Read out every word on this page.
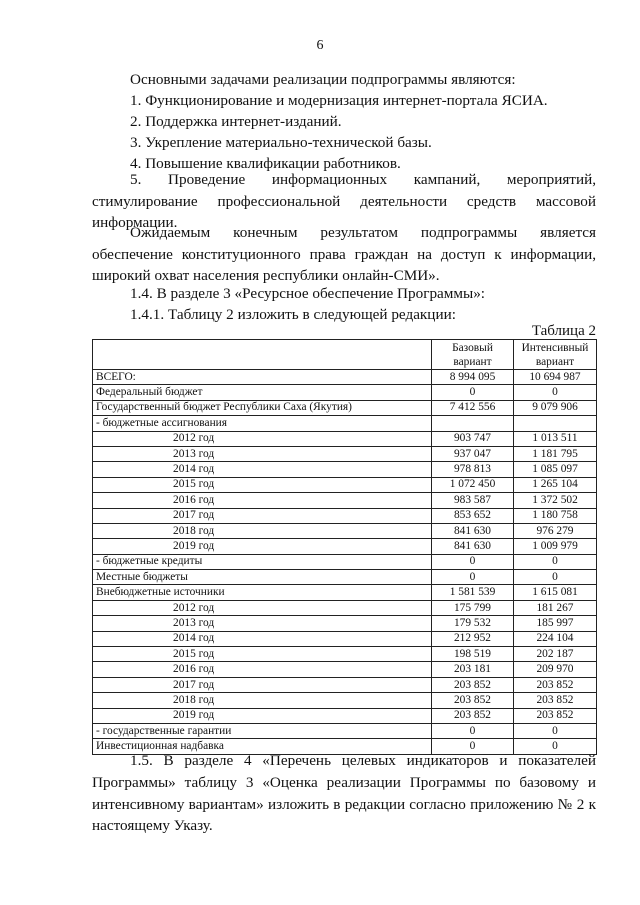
6

Основными задачами реализации подпрограммы являются:

1. Функционирование и модернизация интернет-портала ЯСИА.

2. Поддержка интернет-изданий.

3. Укрепление материально-технической базы.

4. Повышение квалификации работников.

5. Проведение информационных кампаний, мероприятий, стимулирование профессиональной деятельности средств массовой информации.

Ожидаемым конечным результатом подпрограммы является обеспечение конституционного права граждан на доступ к информации, широкий охват населения республики онлайн-СМИ».

1.4. В разделе 3 «Ресурсное обеспечение Программы»:

1.4.1. Таблицу 2 изложить в следующей редакции:

Таблица 2
	Базовый вариант	Интенсивный вариант
ВСЕГО:	8 994 095	10 694 987
Федеральный бюджет	0	0
Государственный бюджет Республики Саха (Якутия)	7 412 556	9 079 906
- бюджетные ассигнования		
2012 год	903 747	1 013 511
2013 год	937 047	1 181 795
2014 год	978 813	1 085 097
2015 год	1 072 450	1 265 104
2016 год	983 587	1 372 502
2017 год	853 652	1 180 758
2018 год	841 630	976 279
2019 год	841 630	1 009 979
- бюджетные кредиты	0	0
Местные бюджеты	0	0
Внебюджетные источники	1 581 539	1 615 081
2012 год	175 799	181 267
2013 год	179 532	185 997
2014 год	212 952	224 104
2015 год	198 519	202 187
2016 год	203 181	209 970
2017 год	203 852	203 852
2018 год	203 852	203 852
2019 год	203 852	203 852
- государственные гарантии	0	0
Инвестиционная надбавка	0	0

1.5. В разделе 4 «Перечень целевых индикаторов и показателей Программы» таблицу 3 «Оценка реализации Программы по базовому и интенсивному вариантам» изложить в редакции согласно приложению № 2 к настоящему Указу.
